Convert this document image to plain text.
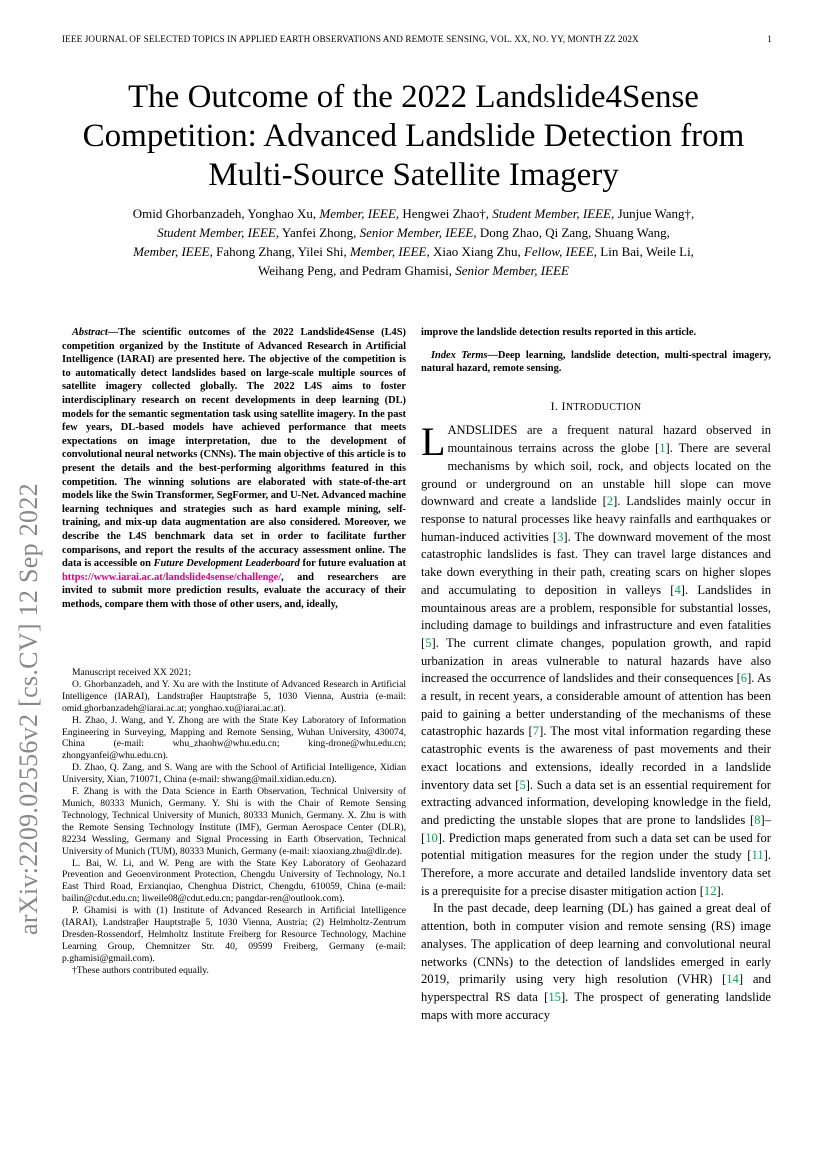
IEEE JOURNAL OF SELECTED TOPICS IN APPLIED EARTH OBSERVATIONS AND REMOTE SENSING, VOL. XX, NO. YY, MONTH ZZ 202X	1
The Outcome of the 2022 Landslide4Sense Competition: Advanced Landslide Detection from Multi-Source Satellite Imagery
Omid Ghorbanzadeh, Yonghao Xu, Member, IEEE, Hengwei Zhao†, Student Member, IEEE, Junjue Wang†,
Student Member, IEEE, Yanfei Zhong, Senior Member, IEEE, Dong Zhao, Qi Zang, Shuang Wang,
Member, IEEE, Fahong Zhang, Yilei Shi, Member, IEEE, Xiao Xiang Zhu, Fellow, IEEE, Lin Bai, Weile Li,
Weihang Peng, and Pedram Ghamisi, Senior Member, IEEE
arXiv:2209.02556v2 [cs.CV] 12 Sep 2022

Abstract—The scientific outcomes of the 2022 Landslide4Sense (L4S) competition organized by the Institute of Advanced Research in Artificial Intelligence (IARAI) are presented here. The objective of the competition is to automatically detect landslides based on large-scale multiple sources of satellite imagery collected globally. The 2022 L4S aims to foster interdisciplinary research on recent developments in deep learning (DL) models for the semantic segmentation task using satellite imagery. In the past few years, DL-based models have achieved performance that meets expectations on image interpretation, due to the development of convolutional neural networks (CNNs). The main objective of this article is to present the details and the best-performing algorithms featured in this competition. The winning solutions are elaborated with state-of-the-art models like the Swin Transformer, SegFormer, and U-Net. Advanced machine learning techniques and strategies such as hard example mining, self-training, and mix-up data augmentation are also considered. Moreover, we describe the L4S benchmark data set in order to facilitate further comparisons, and report the results of the accuracy assessment online. The data is accessible on Future Development Leaderboard for future evaluation at https://www.iarai.ac.at/landslide4sense/challenge/, and researchers are invited to submit more prediction results, evaluate the accuracy of their methods, compare them with those of other users, and, ideally,

Manuscript received XX 2021;

O. Ghorbanzadeh, and Y. Xu are with the Institute of Advanced Research in Artificial Intelligence (IARAI), Landstraβer Hauptstraβe 5, 1030 Vienna, Austria (e-mail: omid.ghorbanzadeh@iarai.ac.at; yonghao.xu@iarai.ac.at).

H. Zhao, J. Wang, and Y. Zhong are with the State Key Laboratory of Information Engineering in Surveying, Mapping and Remote Sensing, Wuhan University, 430074, China (e-mail: whu_zhaohw@whu.edu.cn; king-drone@whu.edu.cn; zhongyanfei@whu.edu.cn).

D. Zhao, Q. Zang, and S. Wang are with the School of Artificial Intelligence, Xidian University, Xian, 710071, China (e-mail: shwang@mail.xidian.edu.cn).

F. Zhang is with the Data Science in Earth Observation, Technical University of Munich, 80333 Munich, Germany. Y. Shi is with the Chair of Remote Sensing Technology, Technical University of Munich, 80333 Munich, Germany. X. Zhu is with the Remote Sensing Technology Institute (IMF), German Aerospace Center (DLR), 82234 Wessling, Germany and Signal Processing in Earth Observation, Technical University of Munich (TUM), 80333 Munich, Germany (e-mail: xiaoxiang.zhu@dlr.de).

L. Bai, W. Li, and W. Peng are with the State Key Laboratory of Geohazard Prevention and Geoenvironment Protection, Chengdu University of Technology, No.1 East Third Road, Erxianqiao, Chenghua District, Chengdu, 610059, China (e-mail: bailin@cdut.edu.cn; liweile08@cdut.edu.cn; pangdar-ren@outlook.com).

P. Ghamisi is with (1) Institute of Advanced Research in Artificial Intelligence (IARAI), Landstraβer Hauptstraβe 5, 1030 Vienna, Austria; (2) Helmholtz-Zentrum Dresden-Rossendorf, Helmholtz Institute Freiberg for Resource Technology, Machine Learning Group, Chemnitzer Str. 40, 09599 Freiberg, Germany (e-mail: p.ghamisi@gmail.com).

†These authors contributed equally.

improve the landslide detection results reported in this article.

Index Terms—Deep learning, landslide detection, multi-spectral imagery, natural hazard, remote sensing.

I. INTRODUCTION

LANDSLIDES are a frequent natural hazard observed in mountainous terrains across the globe [1]. There are several mechanisms by which soil, rock, and objects located on the ground or underground on an unstable hill slope can move downward and create a landslide [2]. Landslides mainly occur in response to natural processes like heavy rainfalls and earthquakes or human-induced activities [3]. The downward movement of the most catastrophic landslides is fast. They can travel large distances and take down everything in their path, creating scars on higher slopes and accumulating to deposition in valleys [4]. Landslides in mountainous areas are a problem, responsible for substantial losses, including damage to buildings and infrastructure and even fatalities [5]. The current climate changes, population growth, and rapid urbanization in areas vulnerable to natural hazards have also increased the occurrence of landslides and their consequences [6]. As a result, in recent years, a considerable amount of attention has been paid to gaining a better understanding of the mechanisms of these catastrophic hazards [7]. The most vital information regarding these catastrophic events is the awareness of past movements and their exact locations and extensions, ideally recorded in a landslide inventory data set [5]. Such a data set is an essential requirement for extracting advanced information, developing knowledge in the field, and predicting the unstable slopes that are prone to landslides [8]–[10]. Prediction maps generated from such a data set can be used for potential mitigation measures for the region under the study [11]. Therefore, a more accurate and detailed landslide inventory data set is a prerequisite for a precise disaster mitigation action [12].

In the past decade, deep learning (DL) has gained a great deal of attention, both in computer vision and remote sensing (RS) image analyses. The application of deep learning and convolutional neural networks (CNNs) to the detection of landslides emerged in early 2019, primarily using very high resolution (VHR) [14] and hyperspectral RS data [15]. The prospect of generating landslide maps with more accuracy
